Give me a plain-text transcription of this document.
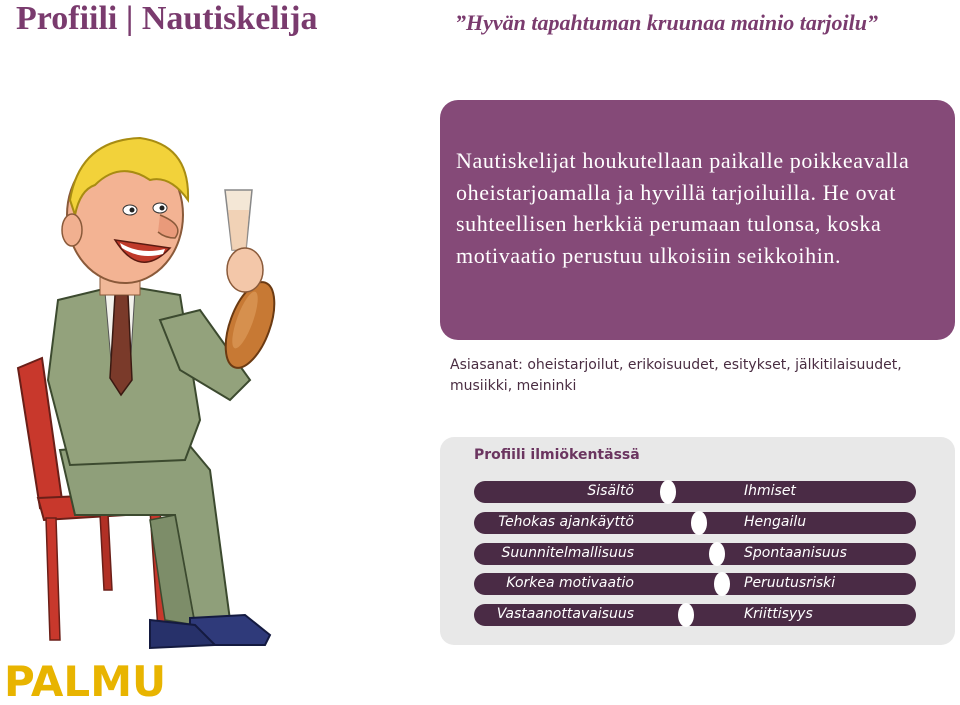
Profiili | Nautiskelija	”Hyvän tapahtuman kruunaa mainio tarjoilu”

Nautiskelijat houkutellaan paikalle poikkeavalla oheistarjoamalla ja hyvillä tarjoiluilla. He ovat suhteellisen herkkiä perumaan tulonsa, koska motivaatio perustuu ulkoisiin seikkoihin.

Asiasanat: oheistarjoilut, erikoisuudet, esitykset, jälkitilaisuudet, musiikki, meininki
Profiili ilmiökentässä
Sisältö	Ihmiset
Tehokas ajankäyttö	Hengailu
Suunnitelmallisuus	Spontaanisuus
Korkea motivaatio	Peruutusriski
Vastaanottavaisuus	Kriittisyys
PALMU
